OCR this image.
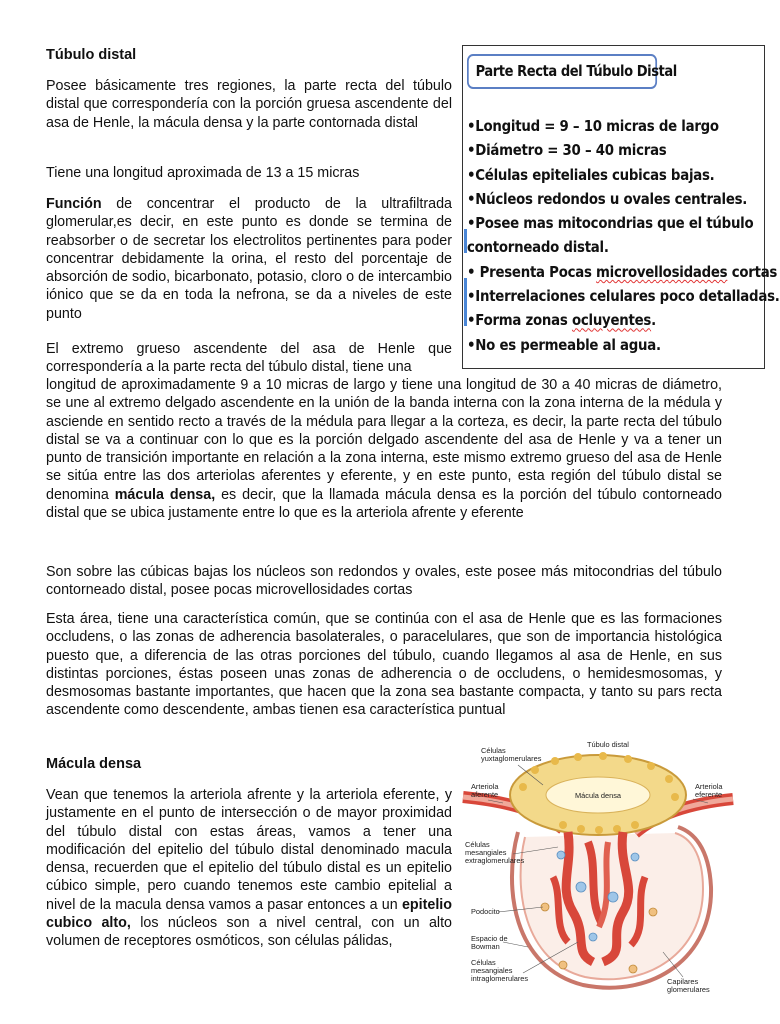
Túbulo distal

Posee básicamente tres regiones, la parte recta del túbulo distal que correspondería con la porción gruesa ascendente del asa de Henle, la mácula densa y la parte contornada distal

Tiene una longitud aproximada de 13 a 15 micras

Función de concentrar el producto de la ultrafiltrada glomerular,es decir, en este punto es donde se termina de reabsorber o de secretar los electrolitos pertinentes para poder concentrar debidamente la orina, el resto del porcentaje de absorción de sodio, bicarbonato, potasio, cloro o de intercambio iónico que se da en toda la nefrona, se da a niveles de este punto

El extremo grueso ascendente del asa de Henle que correspondería a la parte recta del túbulo distal, tiene una

longitud de aproximadamente 9 a 10 micras de largo y tiene una longitud de 30 a 40 micras de diámetro, se une al extremo delgado ascendente en la unión de la banda interna con la zona interna de la médula y asciende en sentido recto a través de la médula para llegar a la corteza, es decir, la parte recta del túbulo distal se va a continuar con lo que es la porción delgado ascendente del asa de Henle y va a tener un punto de transición importante en relación a la zona interna, este mismo extremo grueso del asa de Henle se sitúa entre las dos arteriolas aferentes y eferente, y en este punto, esta región del túbulo distal se denomina mácula densa, es decir, que la llamada mácula densa es la porción del túbulo contorneado distal que se ubica justamente entre lo que es la arteriola afrente y eferente

Son sobre las cúbicas bajas los núcleos son redondos y ovales, este posee más mitocondrias del túbulo contorneado distal, posee pocas microvellosidades cortas

Esta área, tiene una característica común, que se continúa con el asa de Henle que es las formaciones occludens, o las zonas de adherencia basolaterales, o paracelulares, que son de importancia histológica puesto que, a diferencia de las otras porciones del túbulo, cuando llegamos al asa de Henle, en sus distintas porciones, éstas poseen unas zonas de adherencia o de occludens, o hemidesmosomas, y desmosomas bastante importantes, que hacen que la zona sea bastante compacta, y tanto su pars recta ascendente como descendente, ambas tienen esa característica puntual

Mácula densa

Vean que tenemos la arteriola afrente y la arteriola eferente, y justamente en el punto de intersección o de mayor proximidad del túbulo distal con estas áreas, vamos a tener una modificación del epitelio del túbulo distal denominado macula densa, recuerden que el epitelio del túbulo distal es un epitelio cúbico simple, pero cuando tenemos este cambio epitelial a nivel de la macula densa vamos a pasar entonces a un epitelio cubico alto, los núcleos son a nivel central, con un alto volumen de receptores osmóticos, son células pálidas,

Parte Recta del Túbulo Distal
•Longitud = 9 – 10 micras de largo
•Diámetro = 30 – 40 micras
•Células epiteliales cubicas bajas.
•Núcleos redondos u ovales centrales.
•Posee mas mitocondrias que el túbulo
contorneado distal.
• Presenta Pocas microvellosidades cortas
•Interrelaciones celulares poco detalladas.
•Forma zonas ocluyentes.
•No es permeable al agua.
Túbulo distal
Células
yuxtaglomerulares
Arteriola
aferente
Arteriola
eferente
Mácula densa
Células
mesangiales
extraglomerulares
Podocito
Espacio de
Bowman
Células
mesangiales
intraglomerulares	Capilares
glomerulares
